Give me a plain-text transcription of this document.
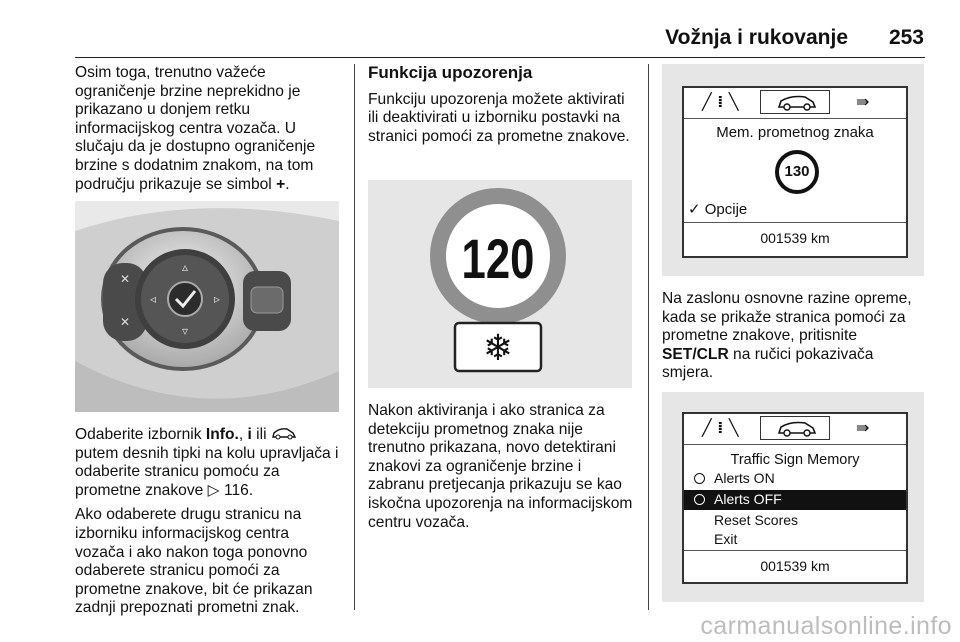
Vožnja i rukovanje 253

Osim toga, trenutno važeće ograničenje brzine neprekidno je prikazano u donjem retku informacijskog centra vozača. U slučaju da je dostupno ograničenje brzine s dodatnim znakom, na tom području prikazuje se simbol +.

✕
✕
▵
▿
◃	▹

Odaberite izbornik Info., i ili  putem desnih tipki na kolu upravljača i odaberite stranicu pomoću za prometne znakove ▷ 116.

Ako odaberete drugu stranicu na izborniku informacijskog centra vozača i ako nakon toga ponovno odaberete stranicu pomoći za prometne znakove, bit će prikazan zadnji prepoznati prometni znak.

Funkcija upozorenja

Funkciju upozorenja možete aktivirati ili deaktivirati u izborniku postavki na stranici pomoći za prometne znakove.

120
❄

Nakon aktiviranja i ako stranica za detekciju prometnog znaka nije trenutno prikazana, novo detektirani znakovi za ograničenje brzine i zabranu pretjecanja prikazuju se kao iskočna upozorenja na informacijskom centru vozača.

╱ ⁞ ╲	⇛
Mem. prometnog znaka
130
✓ Opcije
001539 km

Na zaslonu osnovne razine opreme, kada se prikaže stranica pomoći za prometne znakove, pritisnite SET/CLR na ručici pokazivača smjera.

╱ ⁞ ╲	⇛
Traffic Sign Memory
Alerts ON
Alerts OFF
Reset Scores
Exit
001539 km
carmanualsonline.info
